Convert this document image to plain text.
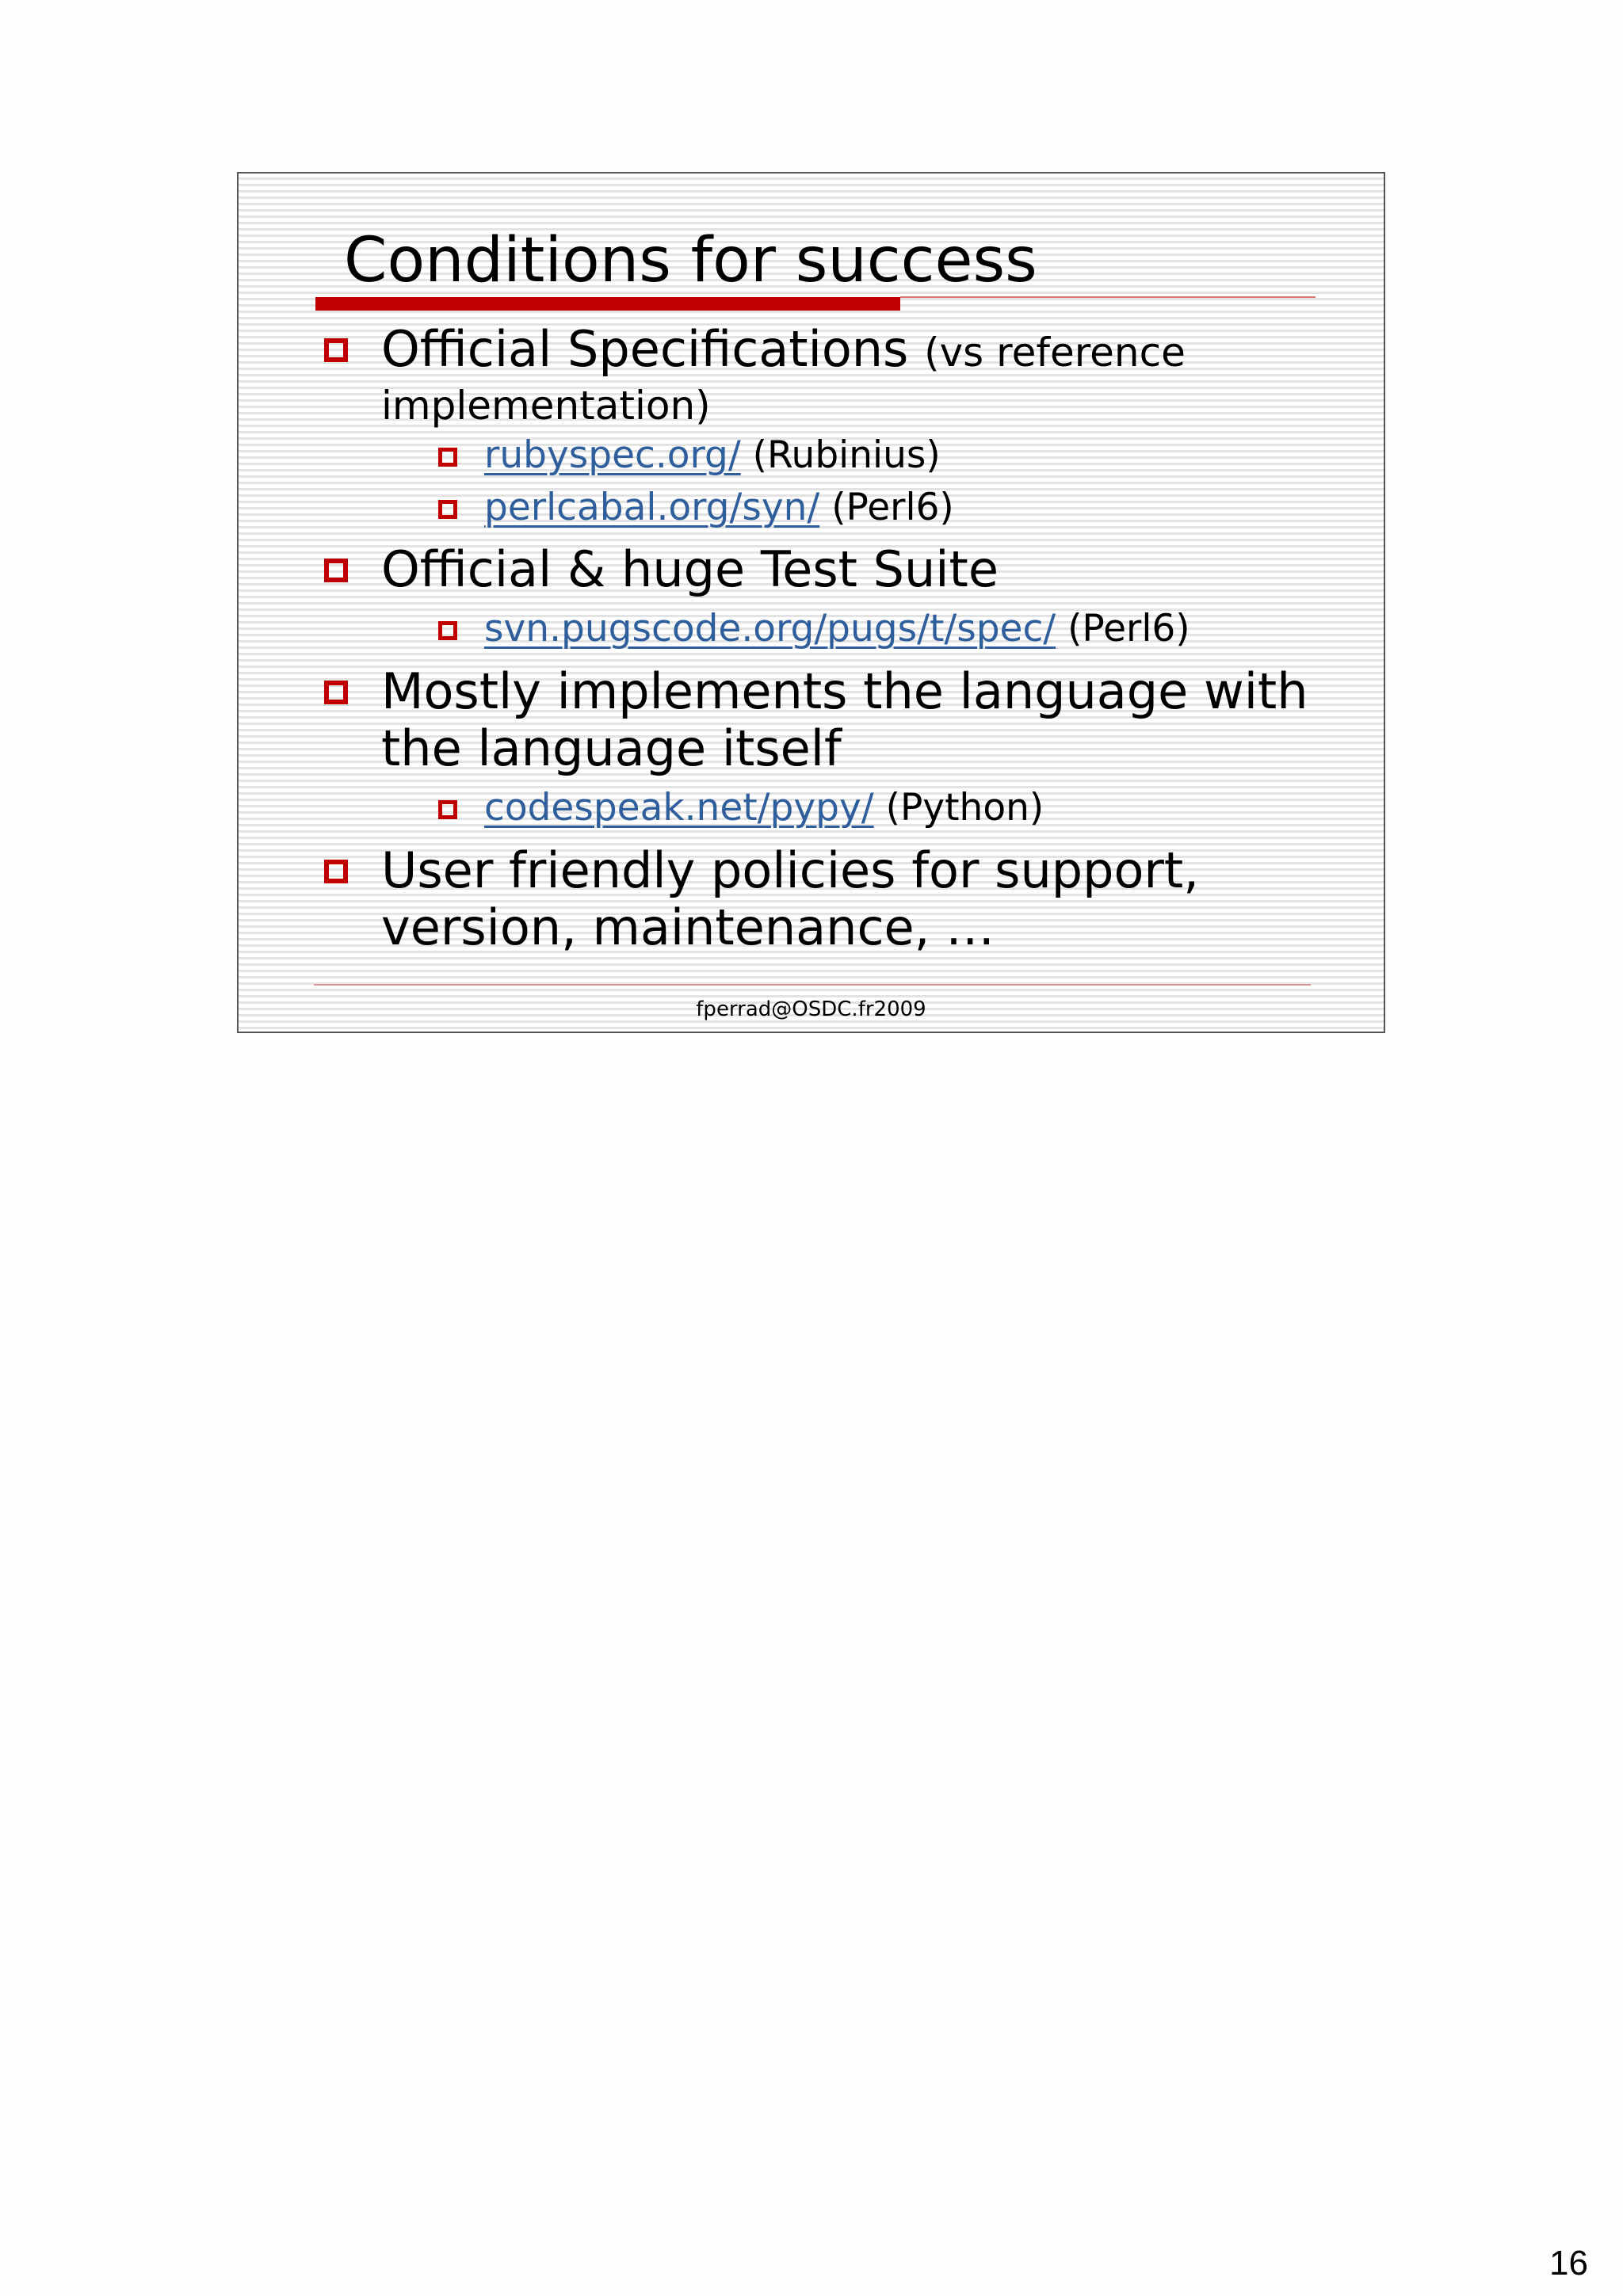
Conditions for success
Official Specifications (vs reference
implementation)
rubyspec.org/ (Rubinius)
perlcabal.org/syn/ (Perl6)
Official & huge Test Suite
svn.pugscode.org/pugs/t/spec/ (Perl6)
Mostly implements the language with
the language itself
codespeak.net/pypy/ (Python)
User friendly policies for support,
version, maintenance, …
fperrad@OSDC.fr2009
16
